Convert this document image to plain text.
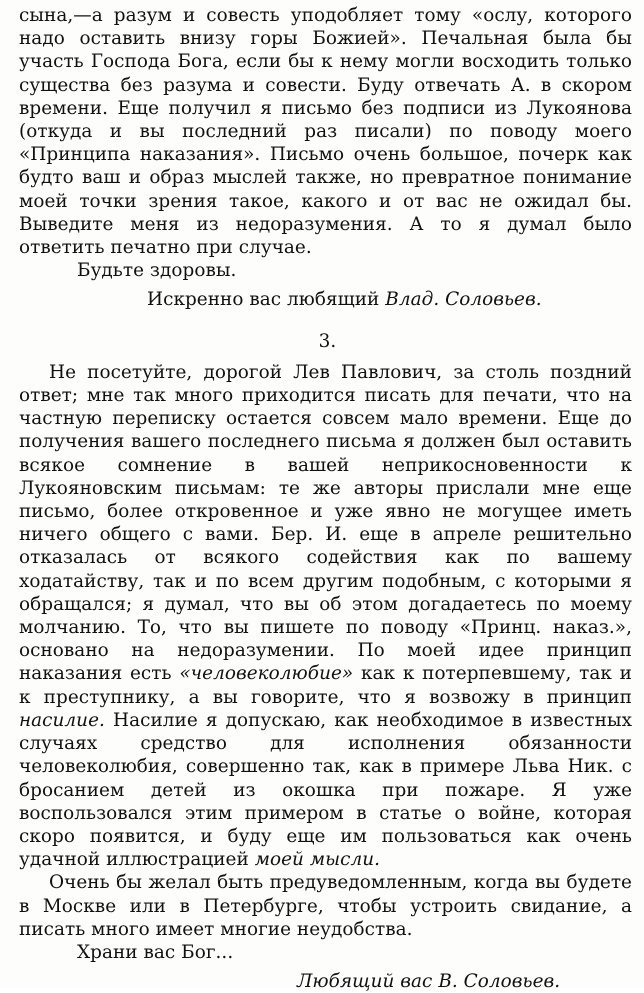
сына,—а разум и совесть уподобляет тому «ослу, которого надо оставить внизу горы Божией». Печальная была бы участь Господа Бога, если бы к нему могли восходить только существа без разума и совести. Буду отвечать А. в скором времени. Еще получил я письмо без подписи из Лукоянова (откуда и вы последний раз писали) по поводу моего «Принципа наказания». Письмо очень большое, почерк как будто ваш и образ мыслей также, но превратное понимание моей точки зрения такое, какого и от вас не ожидал бы. Выведите меня из недоразумения. А то я думал было ответить печатно при случае.

Будьте здоровы.

Искренно вас любящий Влад. Соловьев.

3.

Не посетуйте, дорогой Лев Павлович, за столь поздний ответ; мне так много приходится писать для печати, что на частную переписку остается совсем мало времени. Еще до получения вашего последнего письма я должен был оставить всякое сомнение в вашей неприкосновенности к Лукояновским письмам: те же авторы прислали мне еще письмо, более откровенное и уже явно не могущее иметь ничего общего с вами. Бер. И. еще в апреле решительно отказалась от всякого содействия как по вашему ходатайству, так и по всем другим подобным, с которыми я обращался; я думал, что вы об этом догадаетесь по моему молчанию. То, что вы пишете по поводу «Принц. наказ.», основано на недоразумении. По моей идее принцип наказания есть «человеколюбие» как к потерпевшему, так и к преступнику, а вы говорите, что я возвожу в принцип насилие. Насилие я допускаю, как необходимое в известных случаях средство для исполнения обязанности человеколюбия, совершенно так, как в примере Льва Ник. с бросанием детей из окошка при пожаре. Я уже воспользовался этим примером в статье о войне, которая скоро появится, и буду еще им пользоваться как очень удачной иллюстрацией моей мысли.

Очень бы желал быть предуведомленным, когда вы будете в Москве или в Петербурге, чтобы устроить свидание, а писать много имеет многие неудобства.

Храни вас Бог...

Любящий вас В. Соловьев.
